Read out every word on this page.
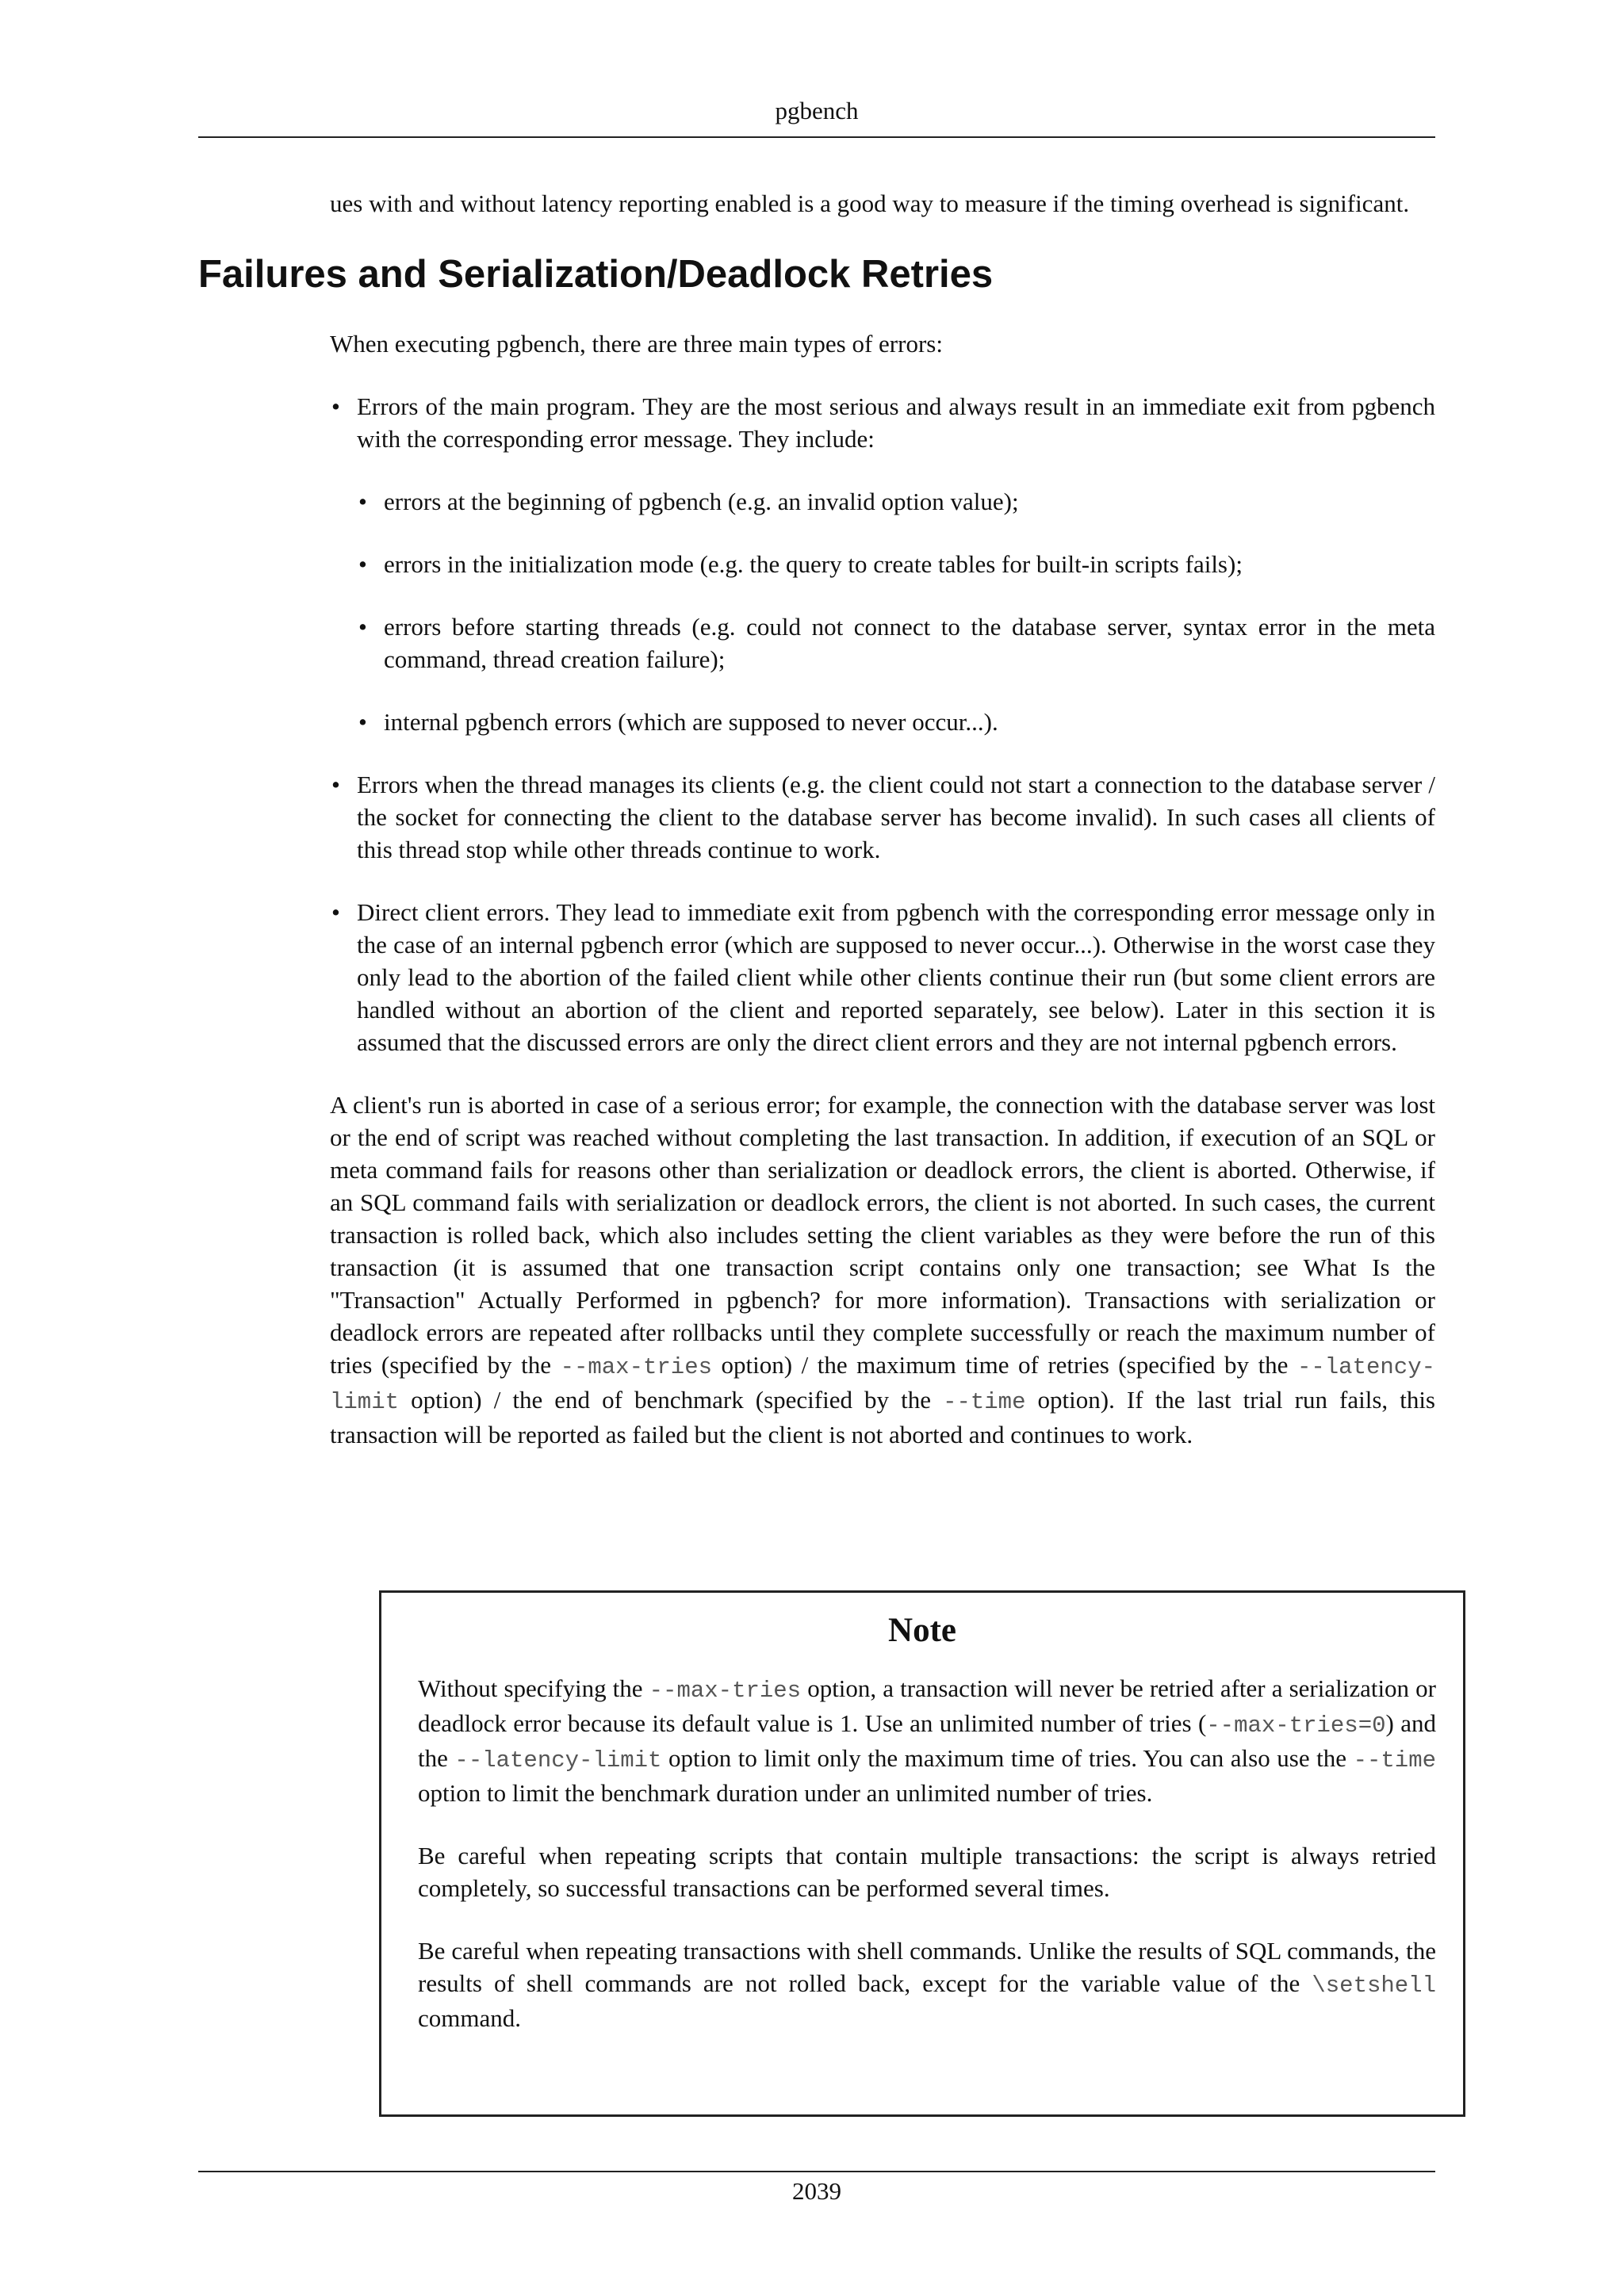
pgbench

ues with and without latency reporting enabled is a good way to measure if the timing overhead is significant.

Failures and Serialization/Deadlock Retries

When executing pgbench, there are three main types of errors:

• Errors of the main program. They are the most serious and always result in an immediate exit from pgbench with the corresponding error message. They include:
• errors at the beginning of pgbench (e.g. an invalid option value);
• errors in the initialization mode (e.g. the query to create tables for built-in scripts fails);
• errors before starting threads (e.g. could not connect to the database server, syntax error in the meta command, thread creation failure);
• internal pgbench errors (which are supposed to never occur...).
• Errors when the thread manages its clients (e.g. the client could not start a connection to the database server / the socket for connecting the client to the database server has become invalid). In such cases all clients of this thread stop while other threads continue to work.
• Direct client errors. They lead to immediate exit from pgbench with the corresponding error message only in the case of an internal pgbench error (which are supposed to never occur...). Otherwise in the worst case they only lead to the abortion of the failed client while other clients continue their run (but some client errors are handled without an abortion of the client and reported separately, see below). Later in this section it is assumed that the discussed errors are only the direct client errors and they are not internal pgbench errors.

A client's run is aborted in case of a serious error; for example, the connection with the database server was lost or the end of script was reached without completing the last transaction. In addition, if execution of an SQL or meta command fails for reasons other than serialization or deadlock errors, the client is aborted. Otherwise, if an SQL command fails with serialization or deadlock errors, the client is not aborted. In such cases, the current transaction is rolled back, which also includes setting the client variables as they were before the run of this transaction (it is assumed that one transaction script contains only one transaction; see What Is the "Transaction" Actually Performed in pgbench? for more information). Transactions with serialization or deadlock errors are repeated after rollbacks until they complete successfully or reach the maximum number of tries (specified by the --max-tries option) / the maximum time of retries (specified by the --latency-limit option) / the end of benchmark (specified by the --time option). If the last trial run fails, this transaction will be reported as failed but the client is not aborted and continues to work.

Note

Without specifying the --max-tries option, a transaction will never be retried after a serialization or deadlock error because its default value is 1. Use an unlimited number of tries (--max-tries=0) and the --latency-limit option to limit only the maximum time of tries. You can also use the --time option to limit the benchmark duration under an unlimited number of tries.

Be careful when repeating scripts that contain multiple transactions: the script is always retried completely, so successful transactions can be performed several times.

Be careful when repeating transactions with shell commands. Unlike the results of SQL commands, the results of shell commands are not rolled back, except for the variable value of the \setshell command.

2039
